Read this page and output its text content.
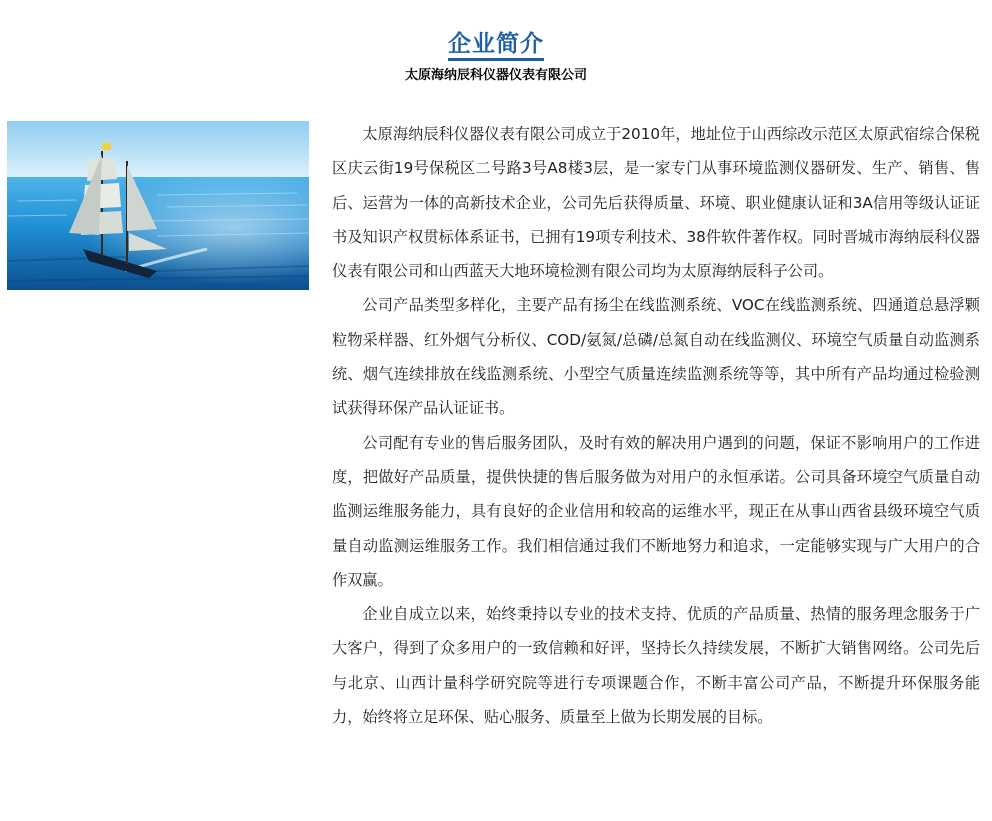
企业简介
太原海纳辰科仪器仪表有限公司

太原海纳辰科仪器仪表有限公司成立于2010年，地址位于山西综改示范区太原武宿综合保税区庆云街19号保税区二号路3号A8楼3层，是一家专门从事环境监测仪器研发、生产、销售、售后、运营为一体的高新技术企业，公司先后获得质量、环境、职业健康认证和3A信用等级认证证书及知识产权贯标体系证书，已拥有19项专利技术、38件软件著作权。同时晋城市海纳辰科仪器仪表有限公司和山西蓝天大地环境检测有限公司均为太原海纳辰科子公司。

公司产品类型多样化，主要产品有扬尘在线监测系统、VOC在线监测系统、四通道总悬浮颗粒物采样器、红外烟气分析仪、COD/氨氮/总磷/总氮自动在线监测仪、环境空气质量自动监测系统、烟气连续排放在线监测系统、小型空气质量连续监测系统等等，其中所有产品均通过检验测试获得环保产品认证证书。

公司配有专业的售后服务团队，及时有效的解决用户遇到的问题，保证不影响用户的工作进度，把做好产品质量，提供快捷的售后服务做为对用户的永恒承诺。公司具备环境空气质量自动监测运维服务能力，具有良好的企业信用和较高的运维水平，现正在从事山西省县级环境空气质量自动监测运维服务工作。我们相信通过我们不断地努力和追求，一定能够实现与广大用户的合作双赢。

企业自成立以来，始终秉持以专业的技术支持、优质的产品质量、热情的服务理念服务于广大客户，得到了众多用户的一致信赖和好评，坚持长久持续发展，不断扩大销售网络。公司先后与北京、山西计量科学研究院等进行专项课题合作，不断丰富公司产品，不断提升环保服务能力，始终将立足环保、贴心服务、质量至上做为长期发展的目标。
